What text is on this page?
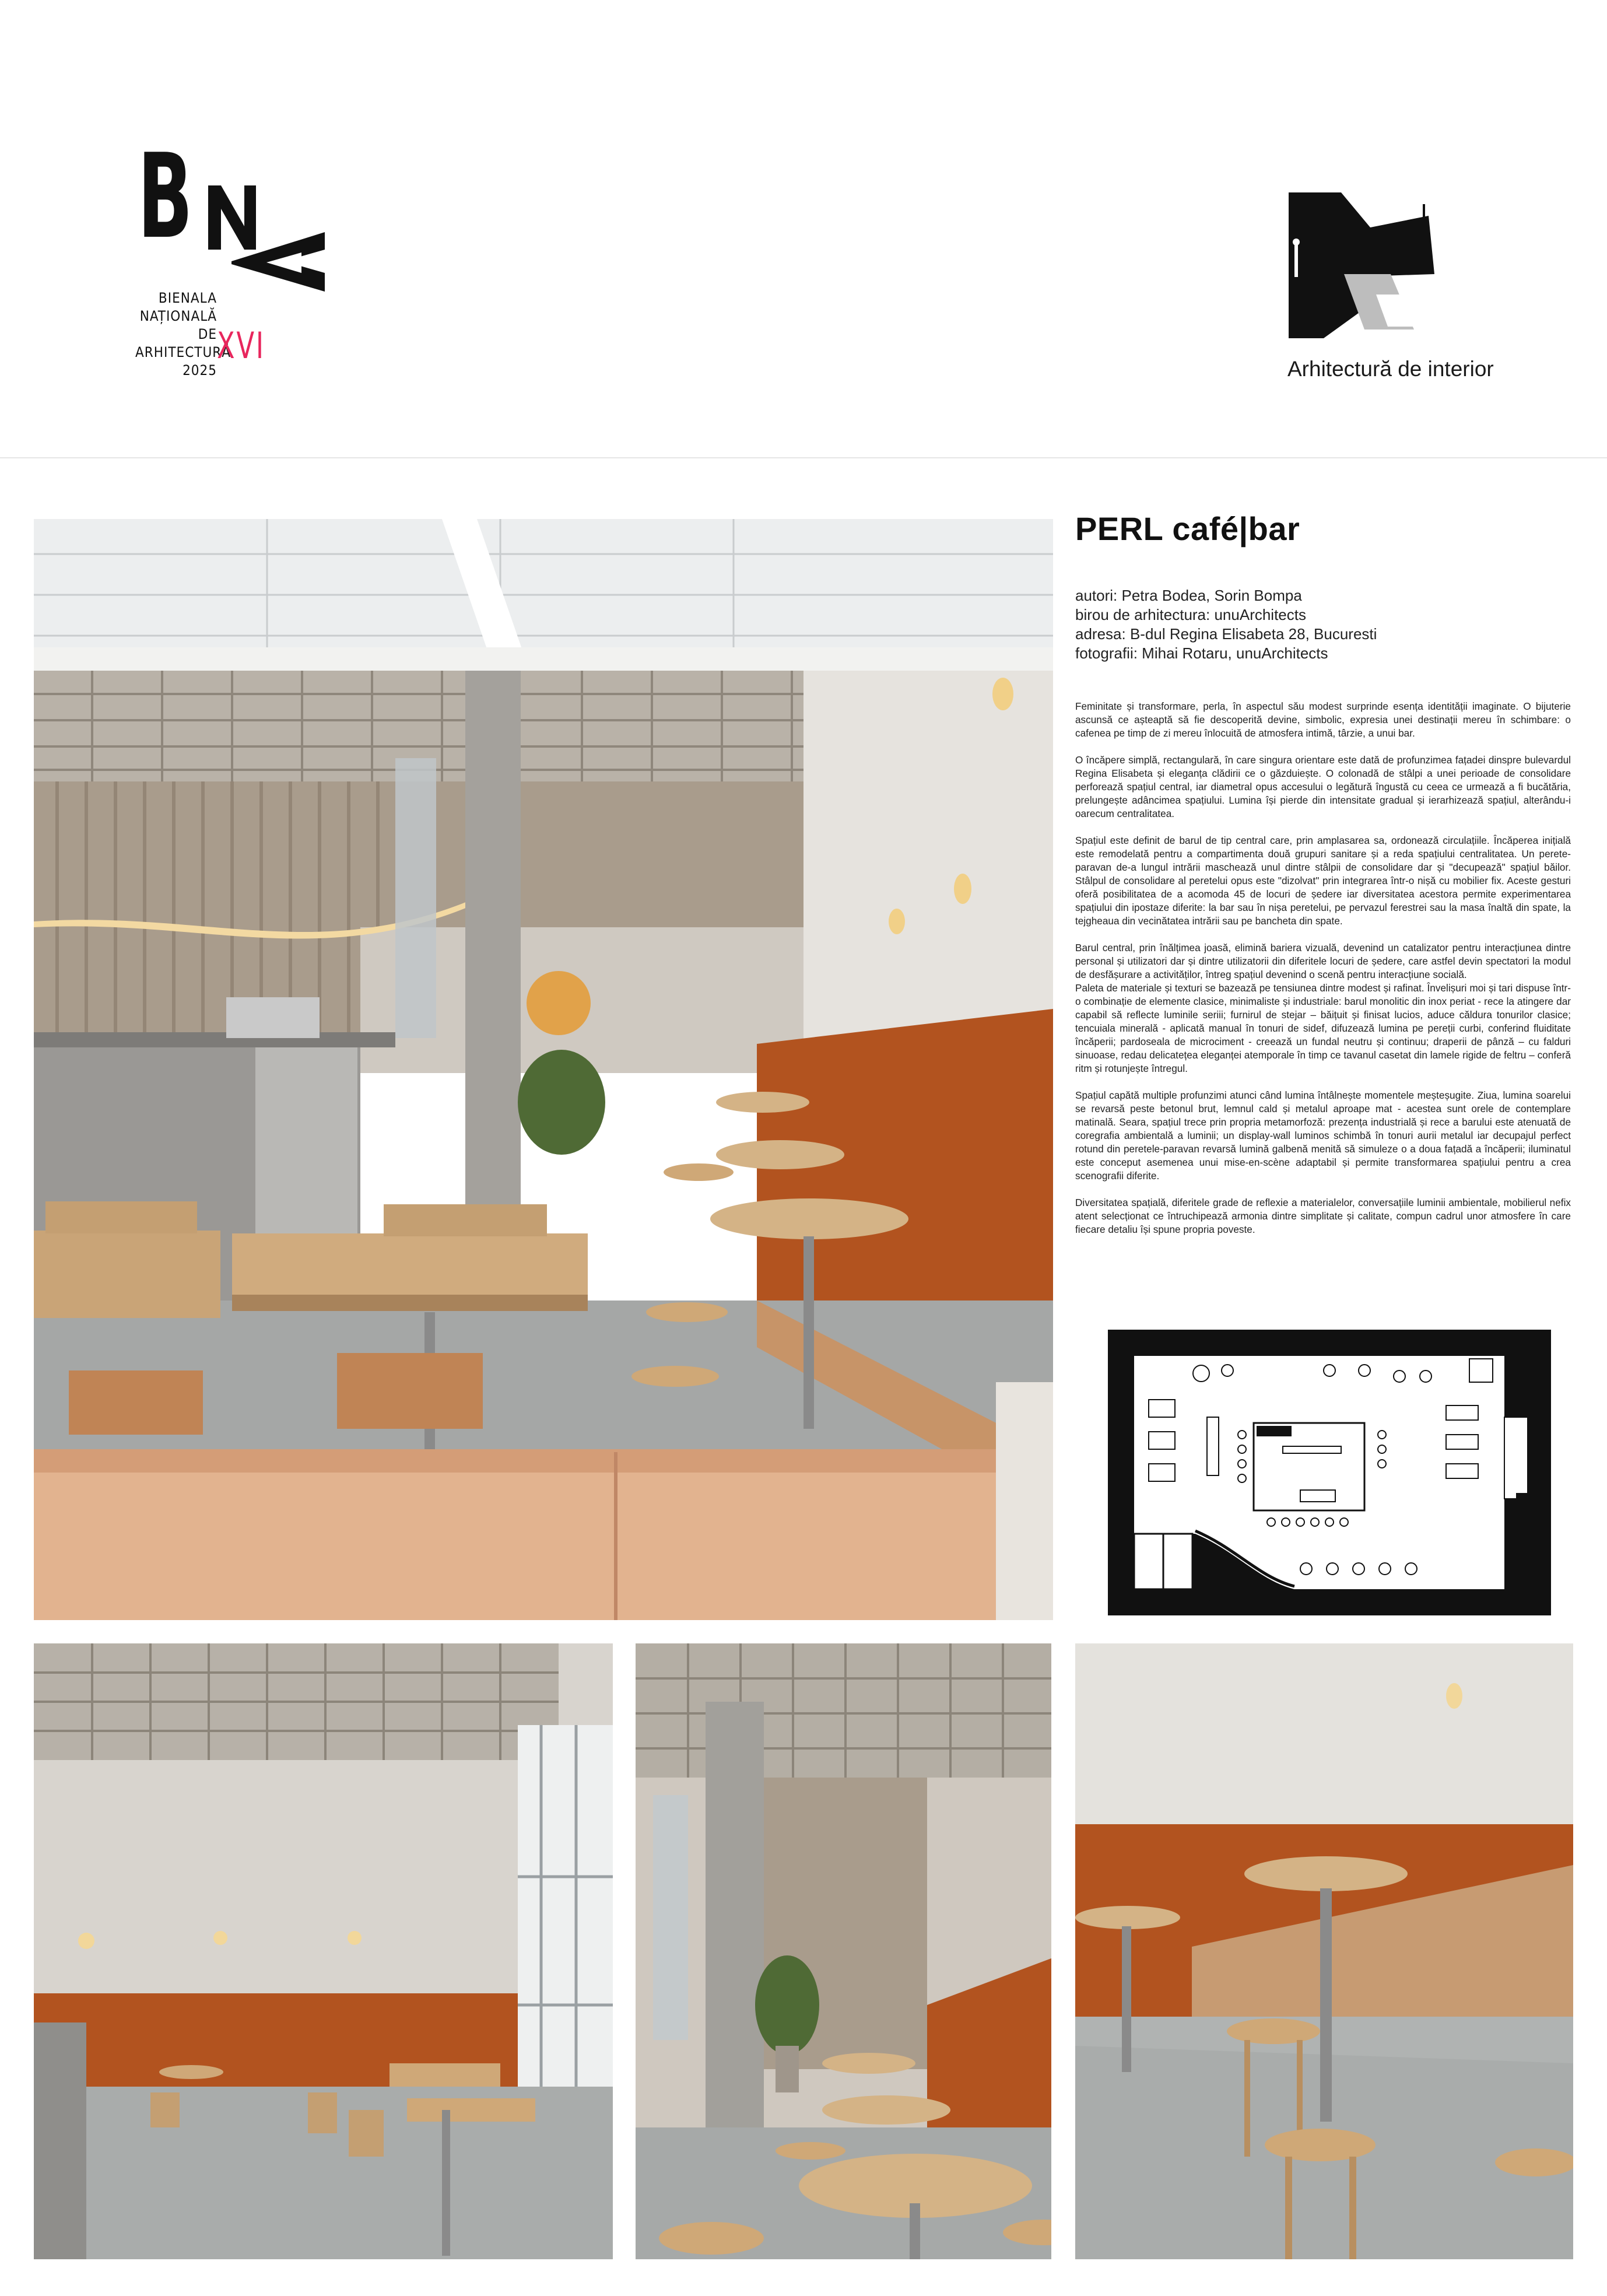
B
BIENALA
NAȚIONALĂ
DE
ARHITECTURĂ
2025
XVI
Arhitectură de interior
PERL café|bar
autori: Petra Bodea, Sorin Bompa
birou de arhitectura: unuArchitects
adresa: B-dul Regina Elisabeta 28, Bucuresti
fotografii: Mihai Rotaru, unuArchitects

Feminitate și transformare, perla, în aspectul său modest surprinde esența identității imaginate. O bijuterie ascunsă ce așteaptă să fie descoperită devine, simbolic, expresia unei destinații mereu în schimbare: o cafenea pe timp de zi mereu înlocuită de atmosfera intimă, târzie, a unui bar.

O încăpere simplă, rectangulară, în care singura orientare este dată de profunzimea fațadei dinspre bulevardul Regina Elisabeta și eleganța clădirii ce o găzduiește. O colonadă de stâlpi a unei perioade de consolidare perforează spațiul central, iar diametral opus accesului o legătură îngustă cu ceea ce urmează a fi bucătăria, prelungește adâncimea spațiului. Lumina își pierde din intensitate gradual și ierarhizează spațiul, alterându-i oarecum centralitatea.

Spațiul este definit de barul de tip central care, prin amplasarea sa, ordonează circulațiile. Încăperea inițială este remodelată pentru a compartimenta două grupuri sanitare și a reda spațiului centralitatea. Un perete-paravan de-a lungul intrării maschează unul dintre stâlpii de consolidare dar și "decupează" spațiul băilor. Stâlpul de consolidare al peretelui opus este "dizolvat" prin integrarea într-o nișă cu mobilier fix. Aceste gesturi oferă posibilitatea de a acomoda 45 de locuri de ședere iar diversitatea acestora permite experimentarea spațiului din ipostaze diferite: la bar sau în nișa peretelui, pe pervazul ferestrei sau la masa înaltă din spate, la tejgheaua din vecinătatea intrării sau pe bancheta din spate.

Barul central, prin înălțimea joasă, elimină bariera vizuală, devenind un catalizator pentru interacțiunea dintre personal și utilizatori dar și dintre utilizatorii din diferitele locuri de ședere, care astfel devin spectatori la modul de desfășurare a activităților, întreg spațiul devenind o scenă pentru interacțiune socială.

Paleta de materiale și texturi se bazează pe tensiunea dintre modest și rafinat. Învelișuri moi și tari dispuse într-o combinație de elemente clasice, minimaliste și industriale: barul monolitic din inox periat - rece la atingere dar capabil să reflecte luminile seriii; furnirul de stejar – băițuit și finisat lucios, aduce căldura tonurilor clasice; tencuiala minerală - aplicată manual în tonuri de sidef, difuzează lumina pe pereții curbi, conferind fluiditate încăperii; pardoseala de microciment - creează un fundal neutru și continuu; draperii de pânză – cu falduri sinuoase, redau delicatețea eleganței atemporale în timp ce tavanul casetat din lamele rigide de feltru – conferă ritm și rotunjește întregul.

Spațiul capătă multiple profunzimi atunci când lumina întâlnește momentele meșteșugite. Ziua, lumina soarelui se revarsă peste betonul brut, lemnul cald și metalul aproape mat - acestea sunt orele de contemplare matinală. Seara, spațiul trece prin propria metamorfoză: prezența industrială și rece a barului este atenuată de coregrafia ambientală a luminii; un display-wall luminos schimbă în tonuri aurii metalul iar decupajul perfect rotund din peretele-paravan revarsă lumină galbenă menită să simuleze o a doua fațadă a încăperii; iluminatul este conceput asemenea unui mise-en-scène adaptabil și permite transformarea spațiului pentru a crea scenografii diferite.

Diversitatea spațială, diferitele grade de reflexie a materialelor, conversațiile luminii ambientale, mobilierul nefix atent selecționat ce întruchipează armonia dintre simplitate și calitate, compun cadrul unor atmosfere în care fiecare detaliu își spune propria poveste.
